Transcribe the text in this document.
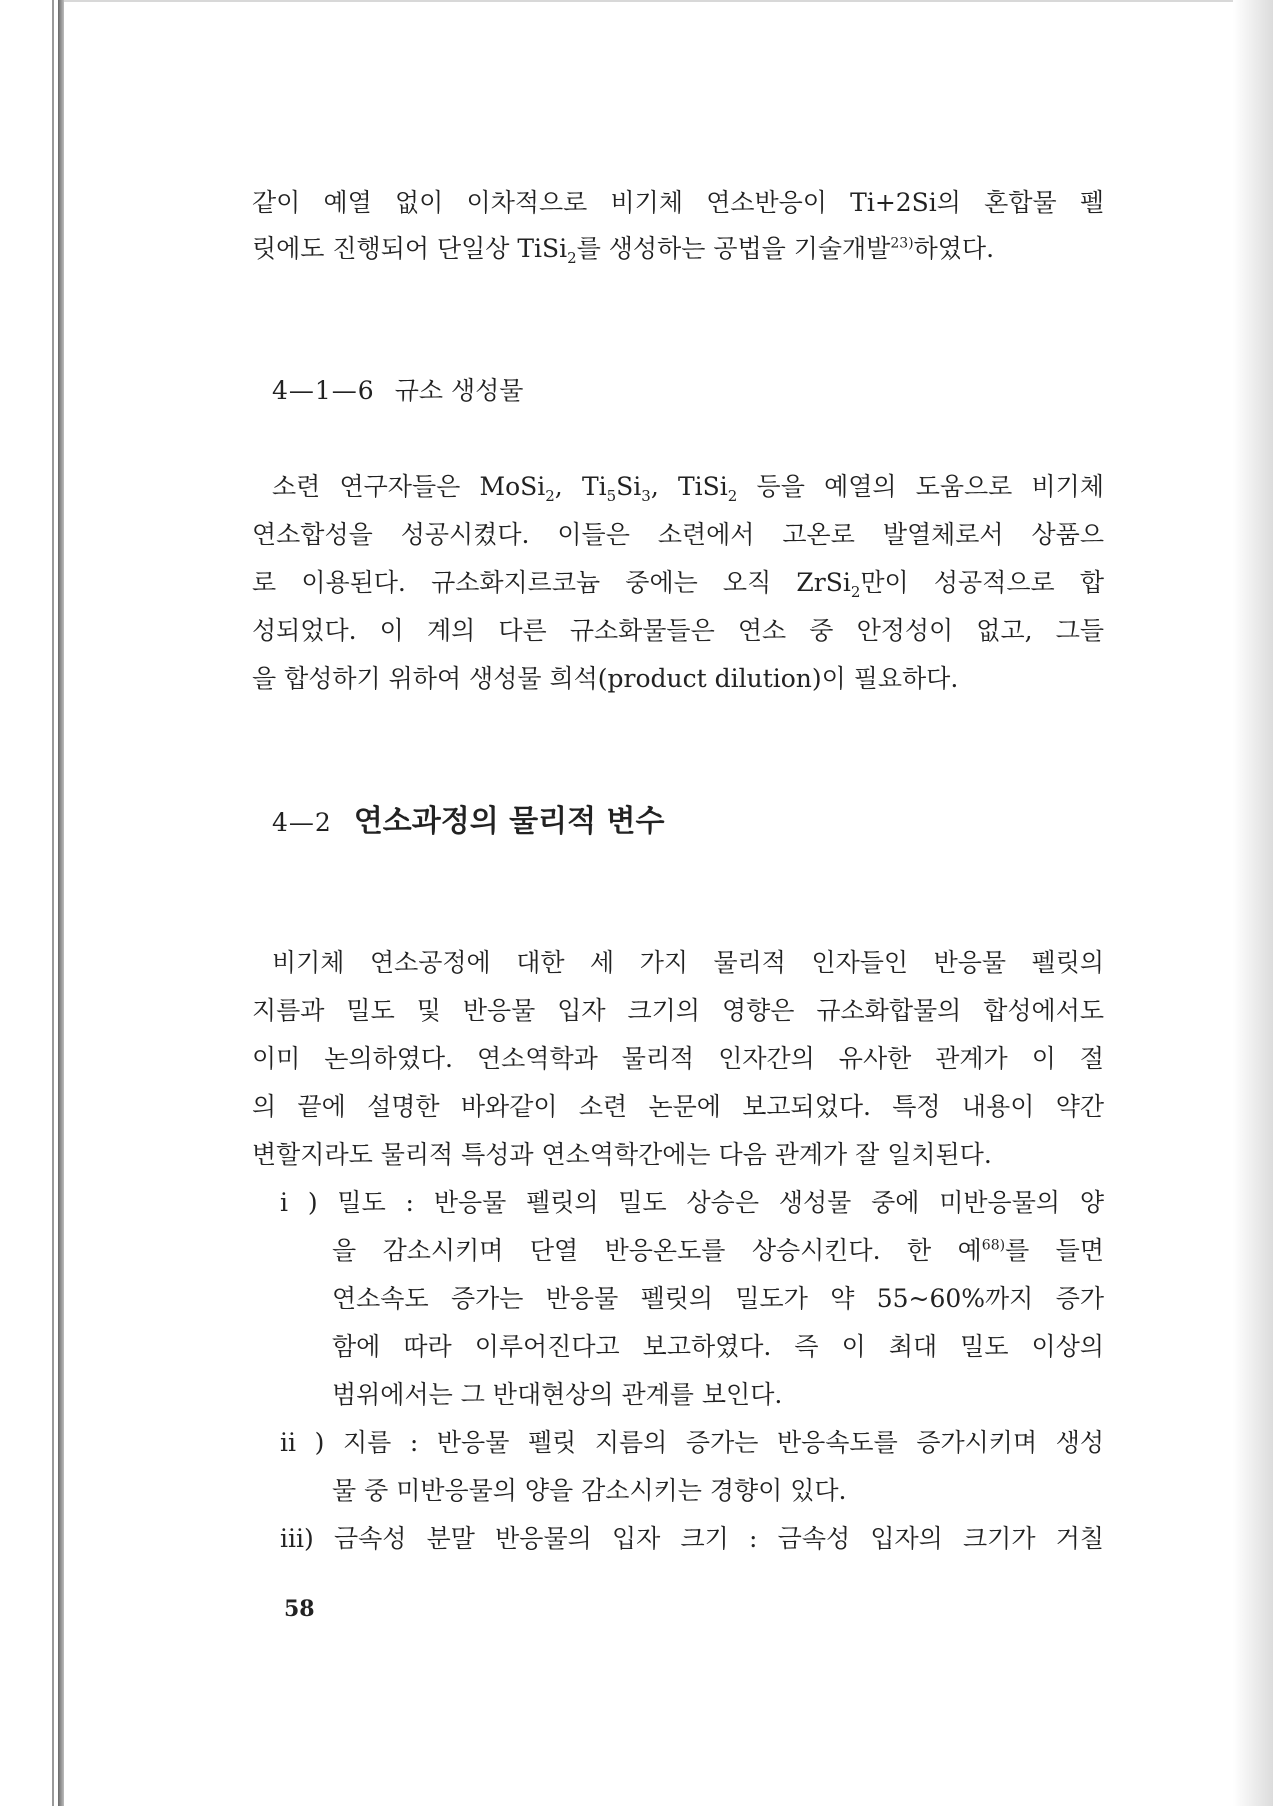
같이 예열 없이 이차적으로 비기체 연소반응이 Ti+2Si의 혼합물 펠
릿에도 진행되어 단일상 TiSi$_2$를 생성하는 공법을 기술개발$^{23)}$하였다.
4—1—6 규소 생성물
소련 연구자들은 MoSi$_2$, $Ti_5Si_3$, TiSi$_2$ 등을 예열의 도움으로 비기체
연소합성을 성공시켰다. 이들은 소련에서 고온로 발열체로서 상품으
로 이용된다. 규소화지르코늄 중에는 오직 ZrSi$_2$만이 성공적으로 합
성되었다. 이 계의 다른 규소화물들은 연소 중 안정성이 없고, 그들
을 합성하기 위하여 생성물 희석(product dilution)이 필요하다.
4—2 연소과정의 물리적 변수
비기체 연소공정에 대한 세 가지 물리적 인자들인 반응물 펠릿의
지름과 밀도 및 반응물 입자 크기의 영향은 규소화합물의 합성에서도
이미 논의하였다. 연소역학과 물리적 인자간의 유사한 관계가 이 절
의 끝에 설명한 바와같이 소련 논문에 보고되었다. 특정 내용이 약간
변할지라도 물리적 특성과 연소역학간에는 다음 관계가 잘 일치된다.
i ) 밀도 : 반응물 펠릿의 밀도 상승은 생성물 중에 미반응물의 양
을 감소시키며 단열 반응온도를 상승시킨다. 한 예$^{68)}$를 들면
연소속도 증가는 반응물 펠릿의 밀도가 약 55~60%까지 증가
함에 따라 이루어진다고 보고하였다. 즉 이 최대 밀도 이상의
범위에서는 그 반대현상의 관계를 보인다.
ii ) 지름 : 반응물 펠릿 지름의 증가는 반응속도를 증가시키며 생성
물 중 미반응물의 양을 감소시키는 경향이 있다.
iii) 금속성 분말 반응물의 입자 크기 : 금속성 입자의 크기가 거칠
58
